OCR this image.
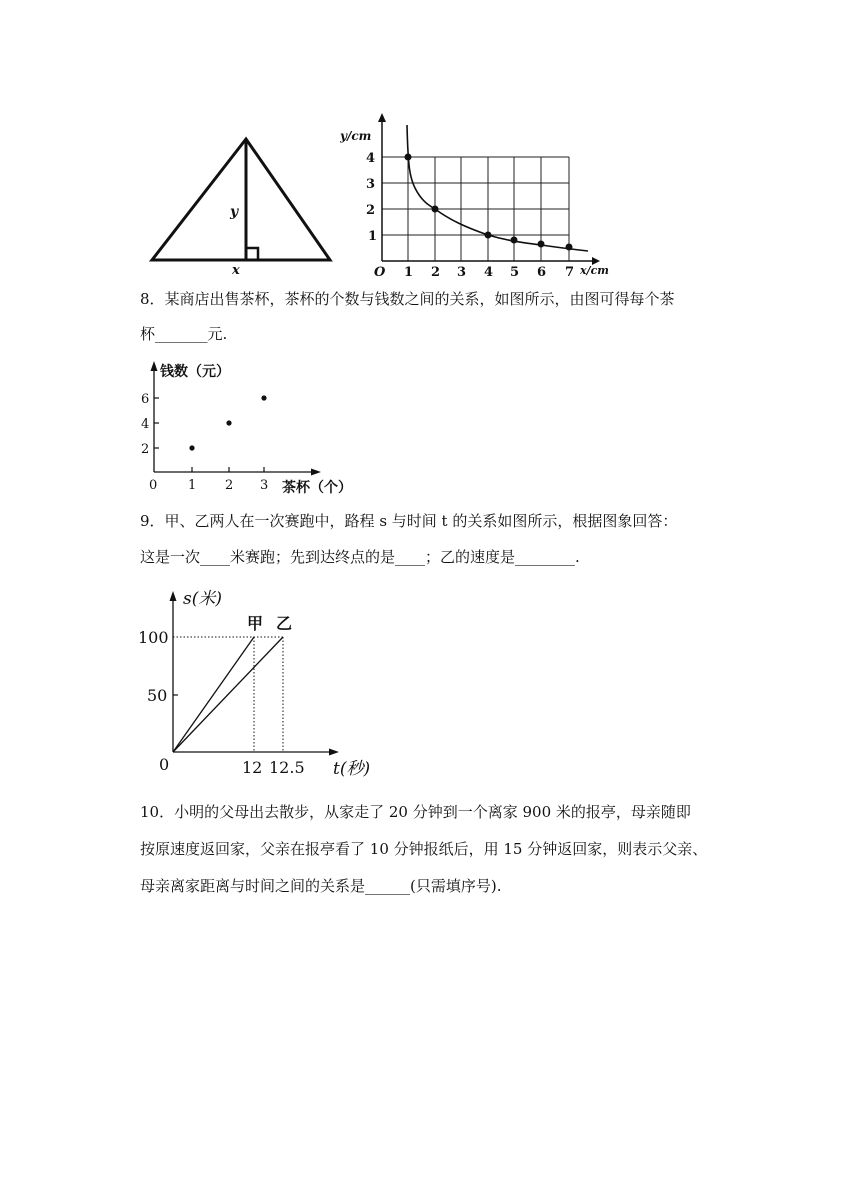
y
x
y/cm
4
3
2
1
O 1 2 3 4 5 6 7 x/cm
8．某商店出售茶杯，茶杯的个数与钱数之间的关系，如图所示，由图可得每个茶
杯_______元.
钱数（元）
6
4
2
0 1 2 3 茶杯（个）
9．甲、乙两人在一次赛跑中，路程 s 与时间 t 的关系如图所示，根据图象回答：
这是一次____米赛跑；先到达终点的是____；乙的速度是________.
s(米)
甲 乙
100
50
0	12 12.5 t(秒)
10．小明的父母出去散步，从家走了 20 分钟到一个离家 900 米的报亭，母亲随即
按原速度返回家，父亲在报亭看了 10 分钟报纸后，用 15 分钟返回家，则表示父亲、
母亲离家距离与时间之间的关系是______(只需填序号).
